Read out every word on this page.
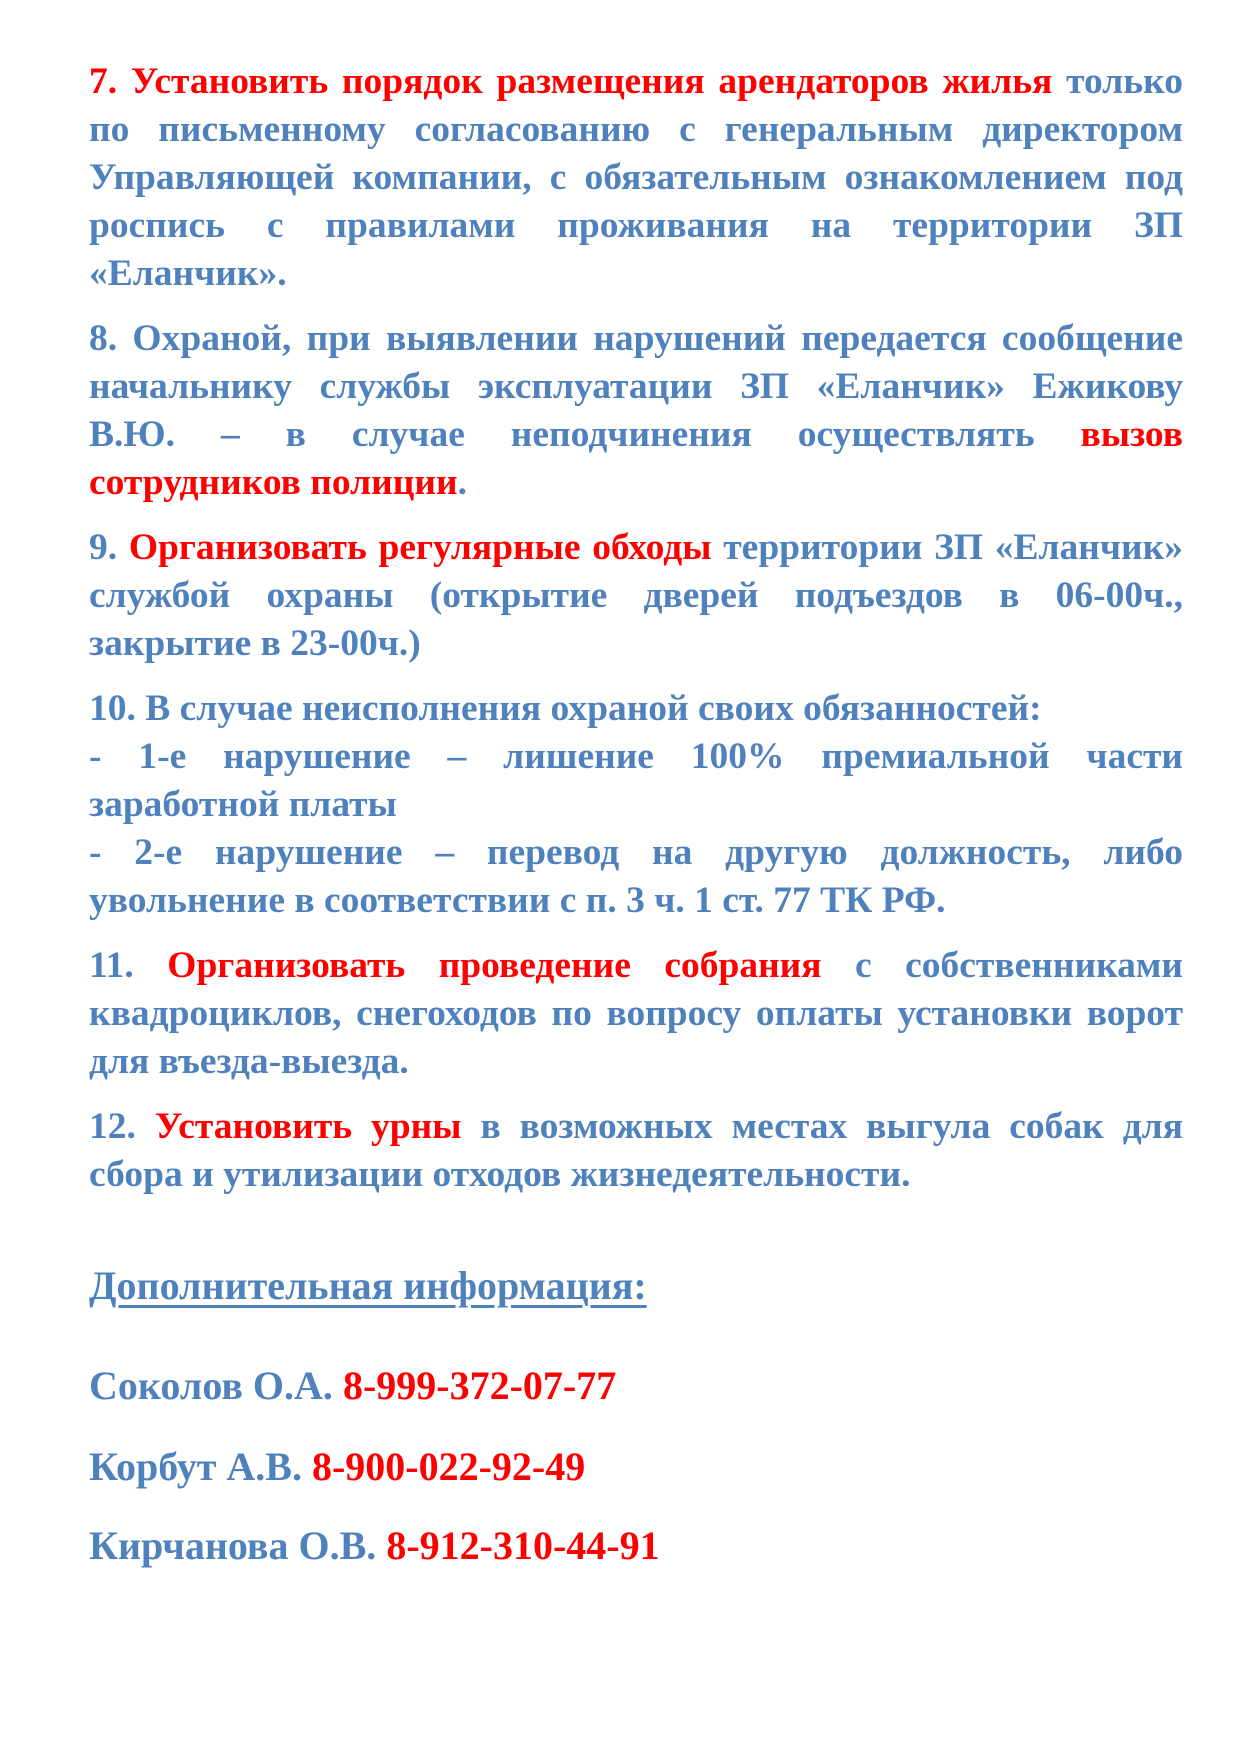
7. Установить порядок размещения арендаторов жилья только по письменному согласованию с генеральным директором Управляющей компании, с обязательным ознакомлением под роспись с правилами проживания на территории ЗП «Еланчик».

8. Охраной, при выявлении нарушений передается сообщение начальнику службы эксплуатации ЗП «Еланчик» Ежикову В.Ю. – в случае неподчинения осуществлять вызов сотрудников полиции.

9. Организовать регулярные обходы территории ЗП «Еланчик» службой охраны (открытие дверей подъездов в 06-00ч., закрытие в 23-00ч.)

10. В случае неисполнения охраной своих обязанностей:
- 1-е нарушение – лишение 100% премиальной части заработной платы
- 2-е нарушение – перевод на другую должность, либо увольнение в соответствии с п. 3 ч. 1 ст. 77 ТК РФ.

11. Организовать проведение собрания с собственниками квадроциклов, снегоходов по вопросу оплаты установки ворот для въезда-выезда.

12. Установить урны в возможных местах выгула собак для сбора и утилизации отходов жизнедеятельности.

Дополнительная информация:

Соколов О.А. 8-999-372-07-77

Корбут А.В. 8-900-022-92-49

Кирчанова О.В. 8-912-310-44-91
